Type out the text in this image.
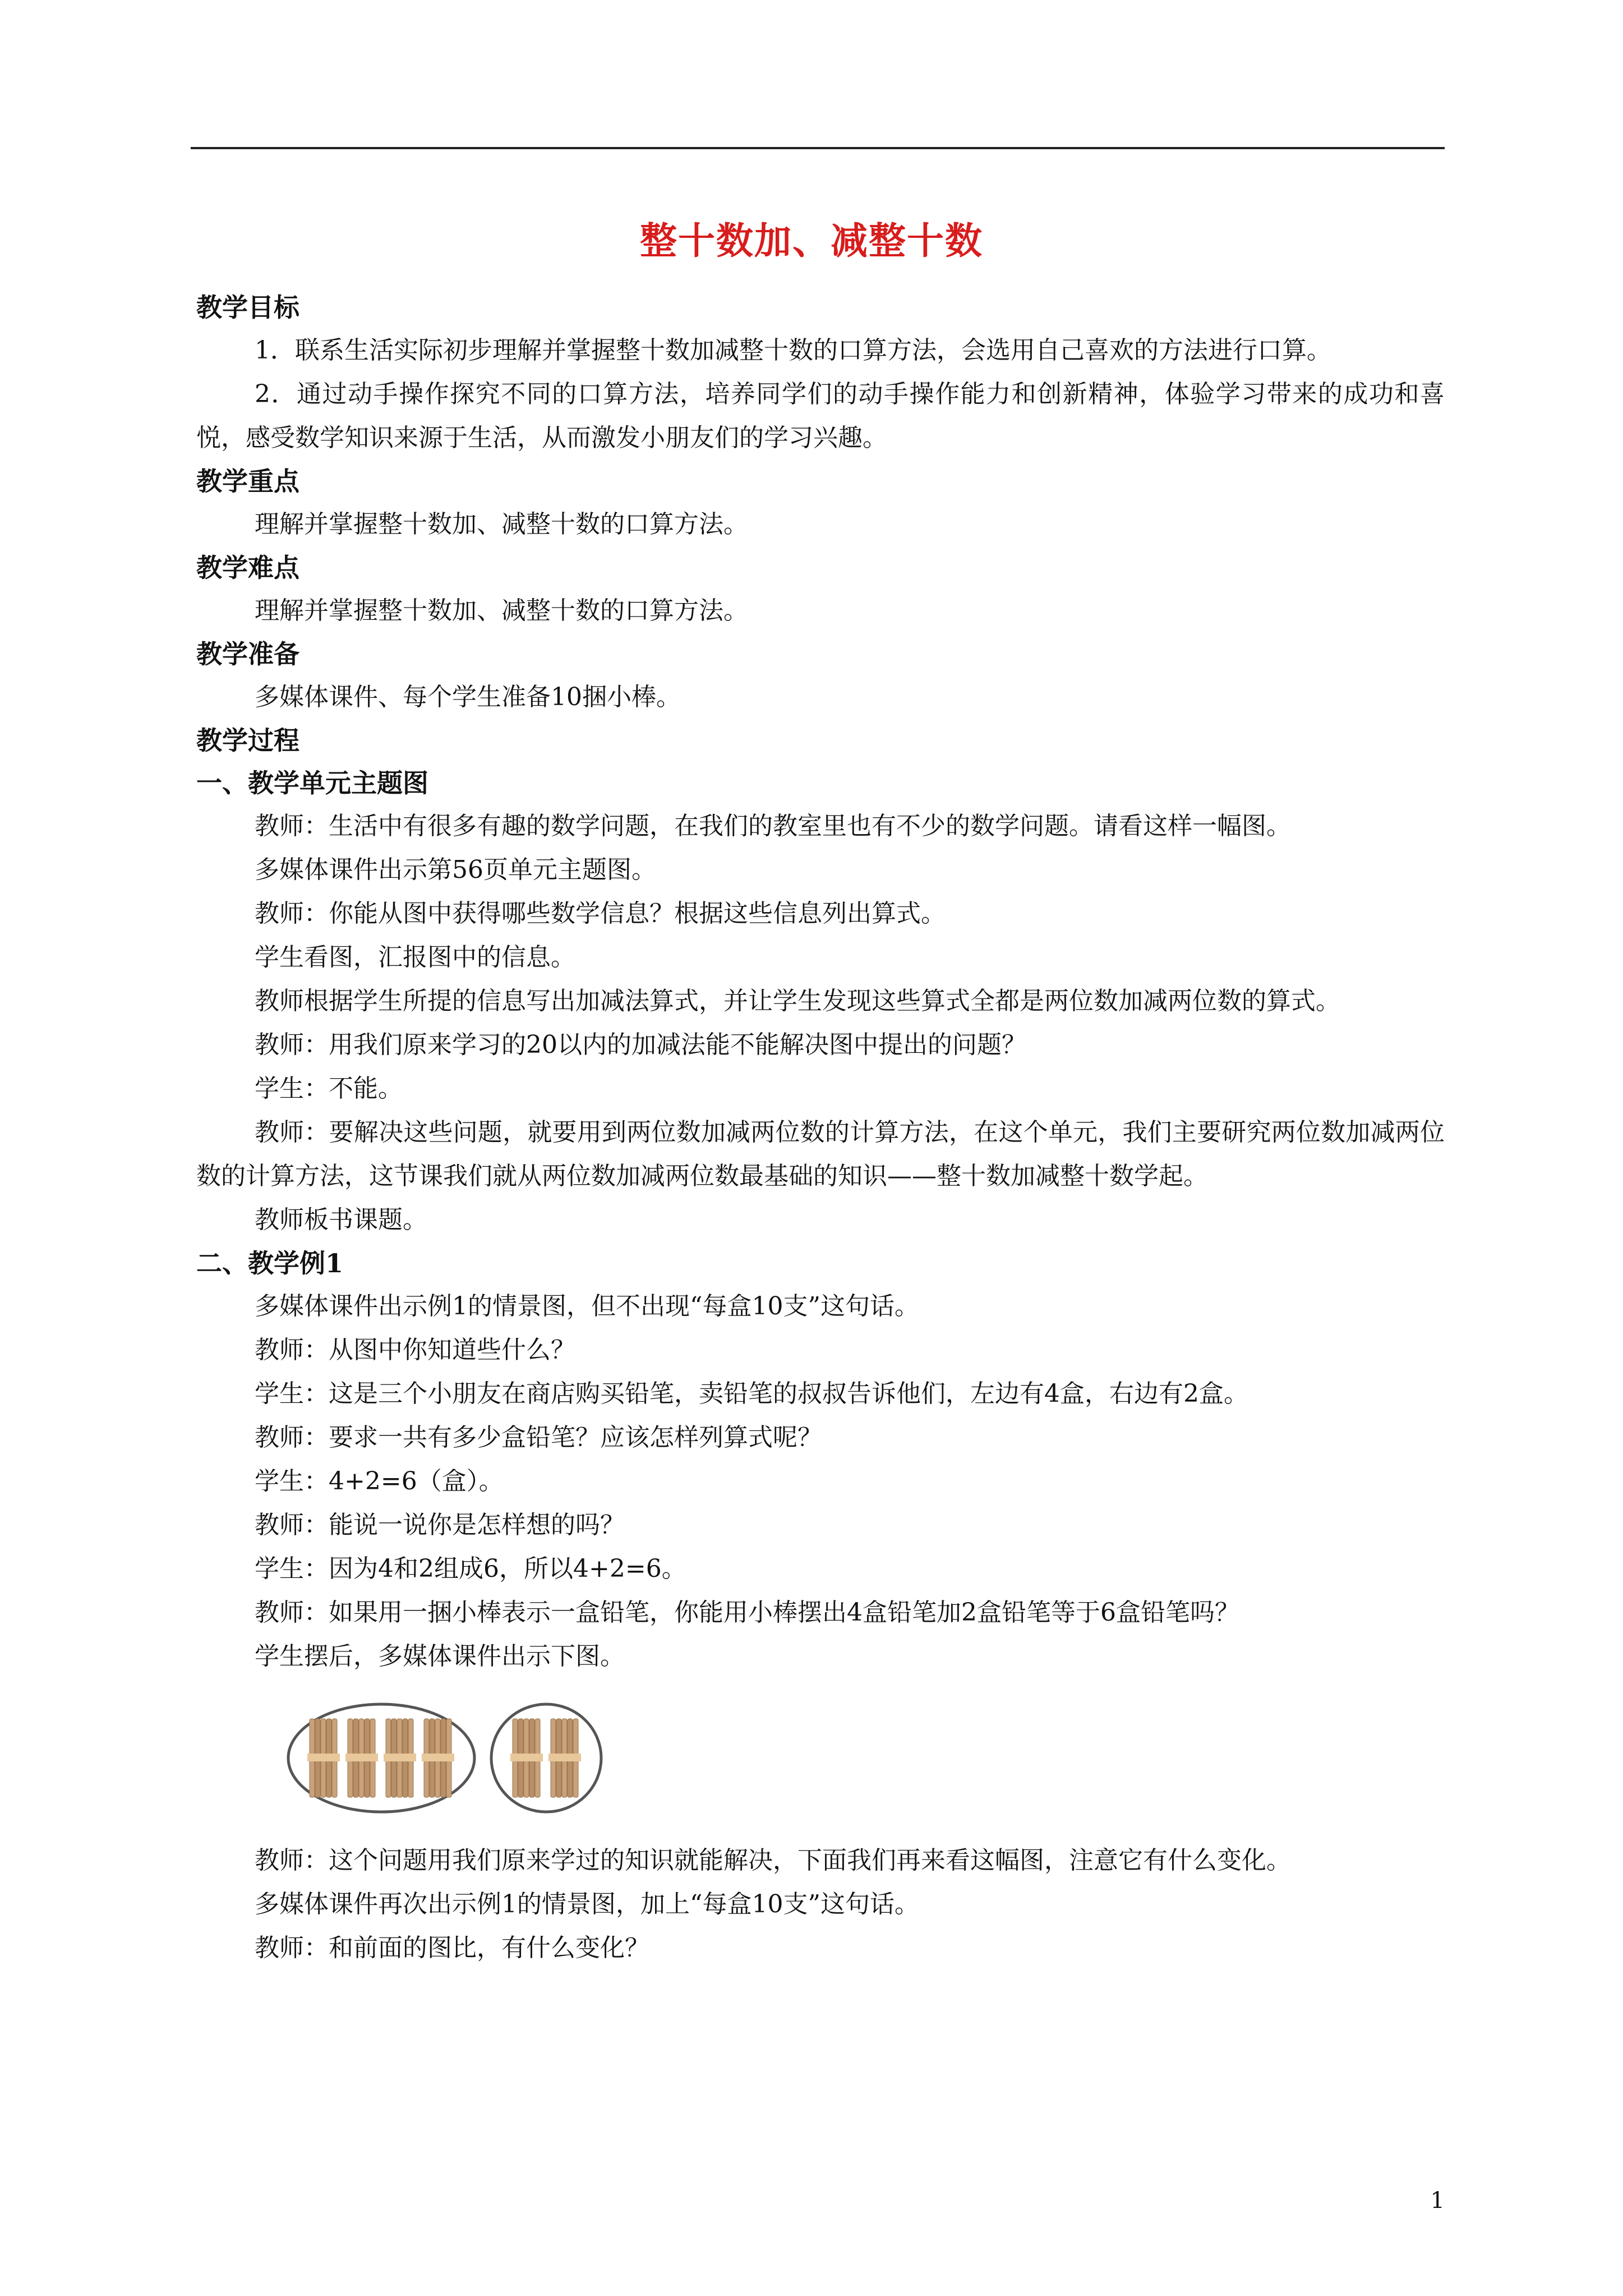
整十数加、减整十数
教学目标
1．联系生活实际初步理解并掌握整十数加减整十数的口算方法，会选用自己喜欢的方法进行口算。
2．通过动手操作探究不同的口算方法，培养同学们的动手操作能力和创新精神，体验学习带来的成功和喜悦，感受数学知识来源于生活，从而激发小朋友们的学习兴趣。
教学重点
理解并掌握整十数加、减整十数的口算方法。
教学难点
理解并掌握整十数加、减整十数的口算方法。
教学准备
多媒体课件、每个学生准备10捆小棒。
教学过程
一、教学单元主题图
教师：生活中有很多有趣的数学问题，在我们的教室里也有不少的数学问题。请看这样一幅图。
多媒体课件出示第56页单元主题图。
教师：你能从图中获得哪些数学信息？根据这些信息列出算式。
学生看图，汇报图中的信息。
教师根据学生所提的信息写出加减法算式，并让学生发现这些算式全都是两位数加减两位数的算式。
教师：用我们原来学习的20以内的加减法能不能解决图中提出的问题？
学生：不能。
教师：要解决这些问题，就要用到两位数加减两位数的计算方法，在这个单元，我们主要研究两位数加减两位数的计算方法，这节课我们就从两位数加减两位数最基础的知识——整十数加减整十数学起。
教师板书课题。
二、教学例1
多媒体课件出示例1的情景图，但不出现“每盒10支”这句话。
教师：从图中你知道些什么？
学生：这是三个小朋友在商店购买铅笔，卖铅笔的叔叔告诉他们，左边有4盒，右边有2盒。
教师：要求一共有多少盒铅笔？应该怎样列算式呢？
学生：4+2=6（盒）。
教师：能说一说你是怎样想的吗？
学生：因为4和2组成6，所以4+2=6。
教师：如果用一捆小棒表示一盒铅笔，你能用小棒摆出4盒铅笔加2盒铅笔等于6盒铅笔吗？
学生摆后，多媒体课件出示下图。
教师：这个问题用我们原来学过的知识就能解决，下面我们再来看这幅图，注意它有什么变化。
多媒体课件再次出示例1的情景图，加上“每盒10支”这句话。
教师：和前面的图比，有什么变化？
1
